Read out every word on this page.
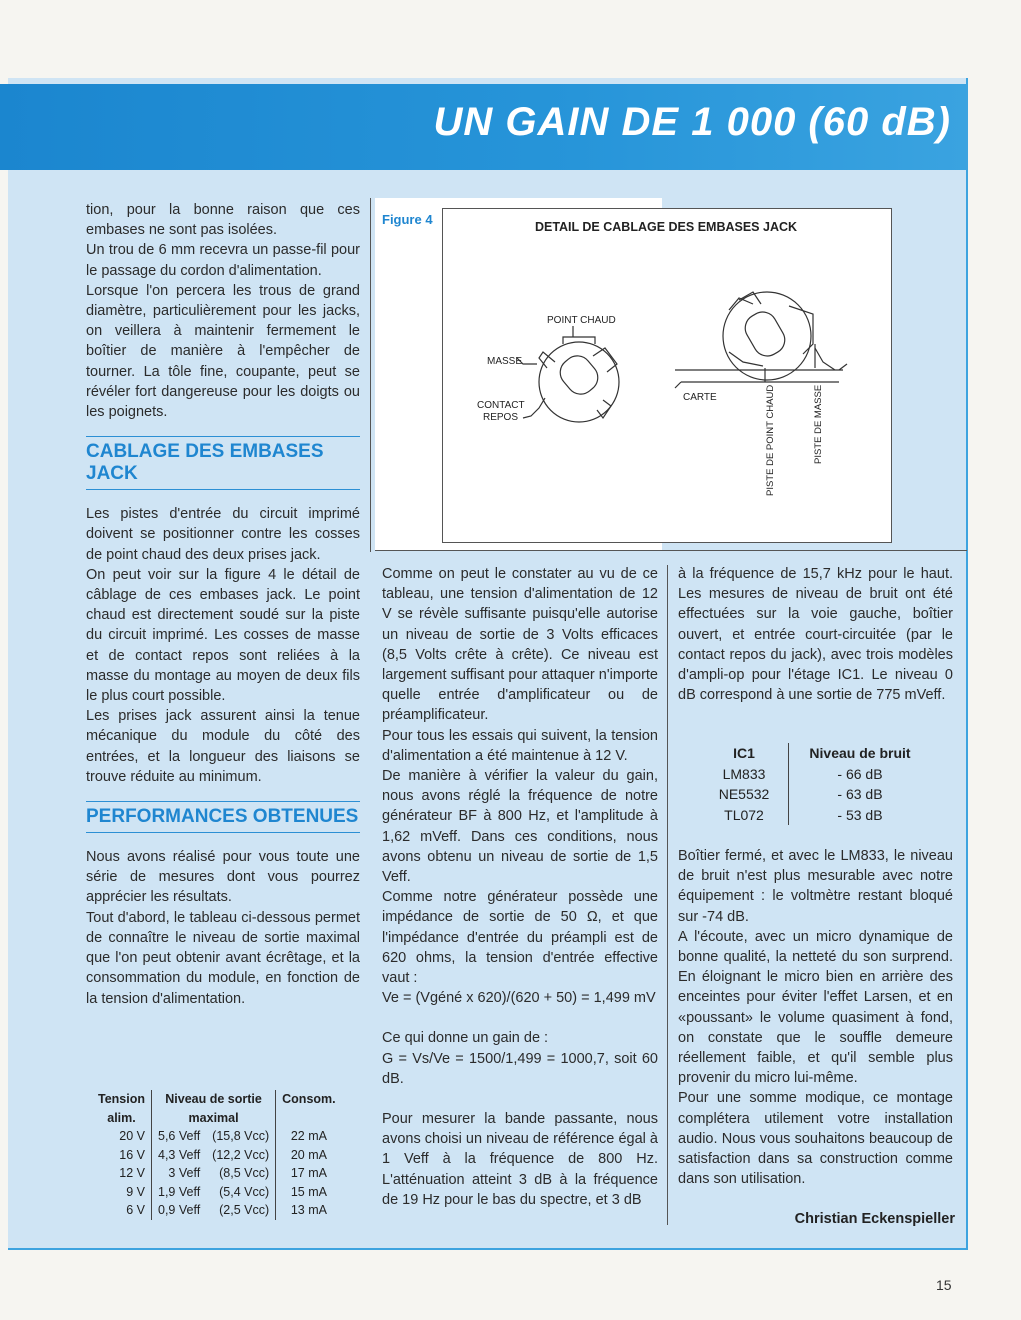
UN GAIN DE 1 000 (60 dB)

tion, pour la bonne raison que ces embases ne sont pas isolées.

Un trou de 6 mm recevra un passe-fil pour le passage du cordon d'alimentation.

Lorsque l'on percera les trous de grand diamètre, particulièrement pour les jacks, on veillera à maintenir fermement le boîtier de manière à l'empêcher de tourner. La tôle fine, coupante, peut se révéler fort dangereuse pour les doigts ou les poignets.

CABLAGE DES EMBASES JACK

Les pistes d'entrée du circuit imprimé doivent se positionner contre les cosses de point chaud des deux prises jack.

On peut voir sur la figure 4 le détail de câblage de ces embases jack. Le point chaud est directement soudé sur la piste du circuit imprimé. Les cosses de masse et de contact repos sont reliées à la masse du montage au moyen de deux fils le plus court possible.

Les prises jack assurent ainsi la tenue mécanique du module du côté des entrées, et la longueur des liaisons se trouve réduite au minimum.

PERFORMANCES OBTENUES

Nous avons réalisé pour vous toute une série de mesures dont vous pourrez apprécier les résultats.

Tout d'abord, le tableau ci-dessous permet de connaître le niveau de sortie maximal que l'on peut obtenir avant écrêtage, et la consommation du module, en fonction de la tension d'alimentation.

Tension	Niveau de sortie		Consom.
alim.	maximal		
20 V	5,6 Veff	(15,8 Vcc)	22 mA
16 V	4,3 Veff	(12,2 Vcc)	20 mA
12 V	3 Veff	(8,5 Vcc)	17 mA
9 V	1,9 Veff	(5,4 Vcc)	15 mA
6 V	0,9 Veff	(2,5 Vcc)	13 mA
Figure 4	DETAIL DE CABLAGE DES EMBASES JACK
POINT CHAUD
MASSE
CONTACT
REPOS
CARTE	PISTE DE POINT CHAUD	PISTE DE MASSE

Comme on peut le constater au vu de ce tableau, une tension d'alimentation de 12 V se révèle suffisante puisqu'elle autorise un niveau de sortie de 3 Volts efficaces (8,5 Volts crête à crête). Ce niveau est largement suffisant pour attaquer n'importe quelle entrée d'amplificateur ou de préamplificateur.

Pour tous les essais qui suivent, la tension d'alimentation a été maintenue à 12 V.

De manière à vérifier la valeur du gain, nous avons réglé la fréquence de notre générateur BF à 800 Hz, et l'amplitude à 1,62 mVeff. Dans ces conditions, nous avons obtenu un niveau de sortie de 1,5 Veff.

Comme notre générateur possède une impédance de sortie de 50 Ω, et que l'impédance d'entrée du préampli est de 620 ohms, la tension d'entrée effective vaut :

Ve = (Vgéné x 620)/(620 + 50) = 1,499 mV

Ce qui donne un gain de :

G = Vs/Ve = 1500/1,499 = 1000,7, soit 60 dB.

Pour mesurer la bande passante, nous avons choisi un niveau de référence égal à 1 Veff à la fréquence de 800 Hz. L'atténuation atteint 3 dB à la fréquence de 19 Hz pour le bas du spectre, et 3 dB

à la fréquence de 15,7 kHz pour le haut. Les mesures de niveau de bruit ont été effectuées sur la voie gauche, boîtier ouvert, et entrée court-circuitée (par le contact repos du jack), avec trois modèles d'ampli-op pour l'étage IC1. Le niveau 0 dB correspond à une sortie de 775 mVeff.

IC1	Niveau de bruit
LM833	- 66 dB
NE5532	- 63 dB
TL072	- 53 dB

Boîtier fermé, et avec le LM833, le niveau de bruit n'est plus mesurable avec notre équipement : le voltmètre restant bloqué sur -74 dB.

A l'écoute, avec un micro dynamique de bonne qualité, la netteté du son surprend. En éloignant le micro bien en arrière des enceintes pour éviter l'effet Larsen, et en «poussant» le volume quasiment à fond, on constate que le souffle demeure réellement faible, et qu'il semble plus provenir du micro lui-même.

Pour une somme modique, ce montage complétera utilement votre installation audio. Nous vous souhaitons beaucoup de satisfaction dans sa construction comme dans son utilisation.

Christian Eckenspieller
15
